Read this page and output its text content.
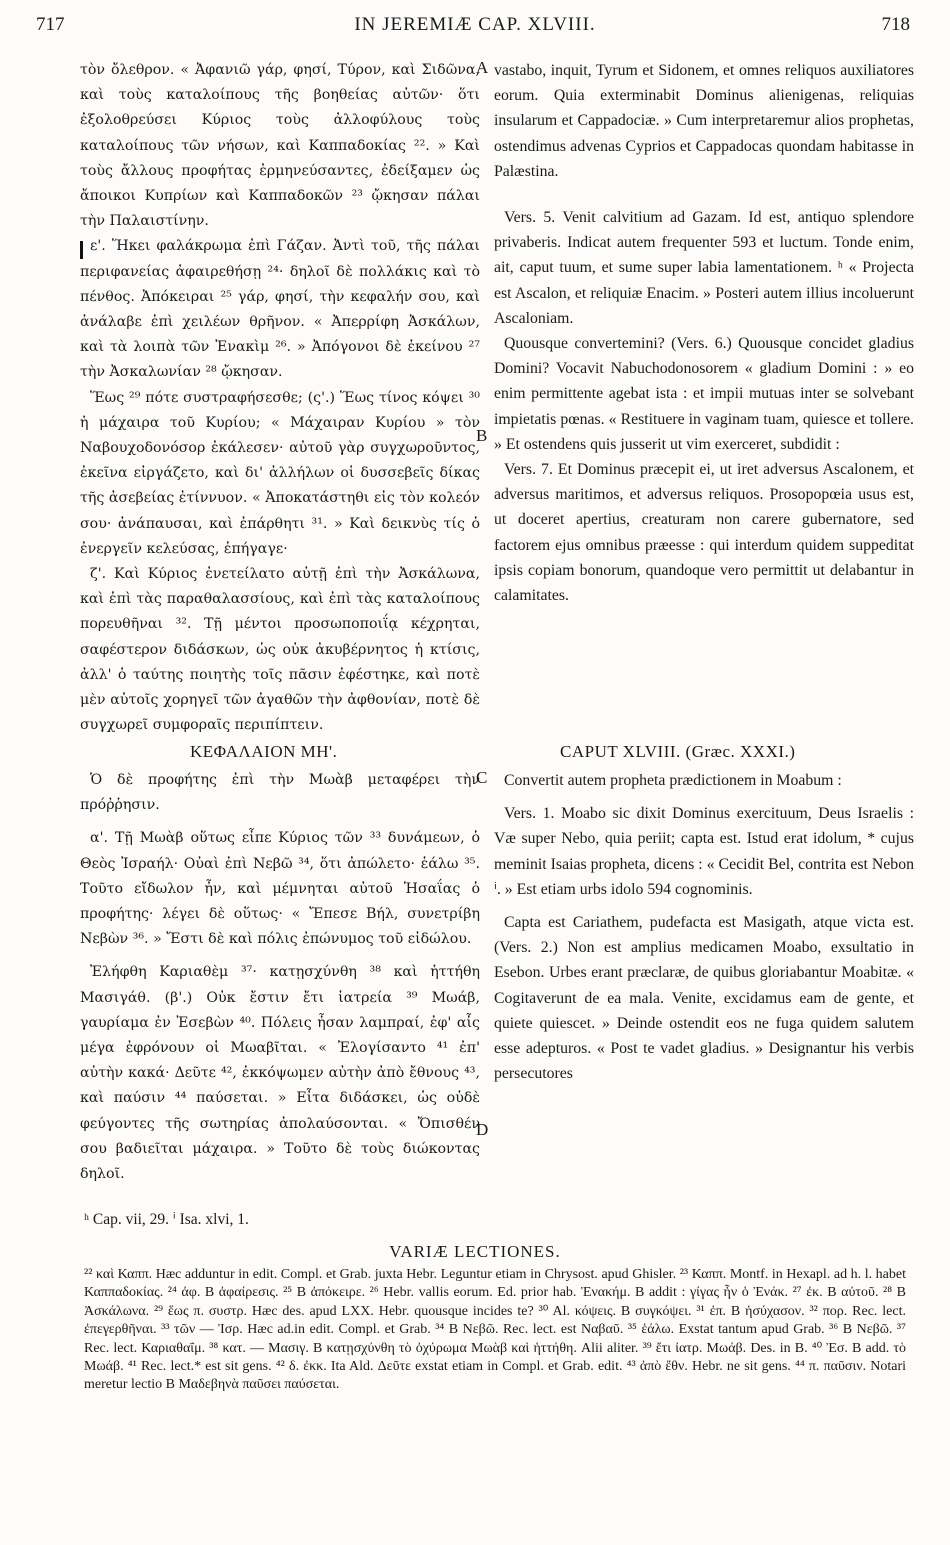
717	IN JEREMIÆ CAP. XLVIII.	718

τὸν ὄλεθρον. « Ἀφανιῶ γάρ, φησί, Τύρον, καὶ Σιδῶνα, καὶ τοὺς καταλοίπους τῆς βοηθείας αὐτῶν· ὅτι ἐξολοθρεύσει Κύριος τοὺς ἀλλοφύλους τοὺς καταλοίπους τῶν νήσων, καὶ Καππαδοκίας ²². » Καὶ τοὺς ἄλλους προφήτας ἑρμηνεύσαντες, ἐδείξαμεν ὡς ἄποικοι Κυπρίων καὶ Καππαδοκῶν ²³ ᾤκησαν πάλαι τὴν Παλαιστίνην.

ε'. Ἥκει φαλάκρωμα ἐπὶ Γάζαν. Ἀντὶ τοῦ, τῆς πάλαι περιφανείας ἀφαιρεθήσῃ ²⁴· δηλοῖ δὲ πολλάκις καὶ τὸ πένθος. Ἀπόκειραι ²⁵ γάρ, φησί, τὴν κεφαλήν σου, καὶ ἀνάλαβε ἐπὶ χειλέων θρῆνον. « Ἀπερρίφη Ἀσκάλων, καὶ τὰ λοιπὰ τῶν Ἐνακὶμ ²⁶. » Ἀπόγονοι δὲ ἐκείνου ²⁷ τὴν Ἀσκαλωνίαν ²⁸ ᾤκησαν.

Ἕως ²⁹ πότε συστραφήσεσθε; (ς'.) Ἕως τίνος κόψει ³⁰ ἡ μάχαιρα τοῦ Κυρίου; « Μάχαιραν Κυρίου » τὸν Ναβουχοδονόσορ ἐκάλεσεν· αὐτοῦ γὰρ συγχωροῦντος, ἐκεῖνα εἰργάζετο, καὶ δι' ἀλλήλων οἱ δυσσεβεῖς δίκας τῆς ἀσεβείας ἐτίννυον. « Ἀποκατάστηθι εἰς τὸν κολεόν σου· ἀνάπαυσαι, καὶ ἐπάρθητι ³¹. » Καὶ δεικνὺς τίς ὁ ἐνεργεῖν κελεύσας, ἐπήγαγε·

ζ'. Καὶ Κύριος ἐνετείλατο αὐτῇ ἐπὶ τὴν Ἀσκάλωνα, καὶ ἐπὶ τὰς παραθαλασσίους, καὶ ἐπὶ τὰς καταλοίπους πορευθῆναι ³². Τῇ μέντοι προσωποποιΐᾳ κέχρηται, σαφέστερον διδάσκων, ὡς οὐκ ἀκυβέρνητος ἡ κτίσις, ἀλλ' ὁ ταύτης ποιητὴς τοῖς πᾶσιν ἐφέστηκε, καὶ ποτὲ μὲν αὐτοῖς χορηγεῖ τῶν ἀγαθῶν τὴν ἀφθονίαν, ποτὲ δὲ συγχωρεῖ συμφοραῖς περιπίπτειν.

vastabo, inquit, Tyrum et Sidonem, et omnes reliquos auxiliatores eorum. Quia exterminabit Dominus alienigenas, reliquias insularum et Cappadociæ. » Cum interpretaremur alios prophetas, ostendimus advenas Cyprios et Cappadocas quondam habitasse in Palæstina.

Vers. 5. Venit calvitium ad Gazam. Id est, antiquo splendore privaberis. Indicat autem frequenter 593 et luctum. Tonde enim, ait, caput tuum, et sume super labia lamentationem. ʰ « Projecta est Ascalon, et reliquiæ Enacim. » Posteri autem illius incoluerunt Ascaloniam.

Quousque convertemini? (Vers. 6.) Quousque concidet gladius Domini? Vocavit Nabuchodonosorem « gladium Domini : » eo enim permittente agebat ista : et impii mutuas inter se solvebant impietatis pœnas. « Restituere in vaginam tuam, quiesce et tollere. » Et ostendens quis jusserit ut vim exerceret, subdidit :

Vers. 7. Et Dominus præcepit ei, ut iret adversus Ascalonem, et adversus maritimos, et adversus reliquos. Prosopopœia usus est, ut doceret apertius, creaturam non carere gubernatore, sed factorem ejus omnibus præesse : qui interdum quidem suppeditat ipsis copiam bonorum, quandoque vero permittit ut delabantur in calamitates.

A
B
C
D
ΚΕΦΑΛΑΙΟΝ ΜΗ'.	CAPUT XLVIII. (Græc. XXXI.)

Ὁ δὲ προφήτης ἐπὶ τὴν Μωὰβ μεταφέρει τὴν πρόῤῥησιν.

α'. Τῇ Μωὰβ οὕτως εἶπε Κύριος τῶν ³³ δυνάμεων, ὁ Θεὸς Ἰσραήλ· Οὐαὶ ἐπὶ Νεβῶ ³⁴, ὅτι ἀπώλετο· ἑάλω ³⁵. Τοῦτο εἴδωλον ἦν, καὶ μέμνηται αὐτοῦ Ἡσαΐας ὁ προφήτης· λέγει δὲ οὕτως· « Ἔπεσε Βήλ, συνετρίβη Νεβὼν ³⁶. » Ἔστι δὲ καὶ πόλις ἐπώνυμος τοῦ εἰδώλου.

Ἐλήφθη Καριαθὲμ ³⁷· κατῃσχύνθη ³⁸ καὶ ἡττήθη Μασιγάθ. (β'.) Οὐκ ἔστιν ἔτι ἰατρεία ³⁹ Μωάβ, γαυρίαμα ἐν Ἐσεβὼν ⁴⁰. Πόλεις ἦσαν λαμπραί, ἐφ' αἷς μέγα ἐφρόνουν οἱ Μωαβῖται. « Ἐλογίσαντο ⁴¹ ἐπ' αὐτὴν κακά· Δεῦτε ⁴², ἐκκόψωμεν αὐτὴν ἀπὸ ἔθνους ⁴³, καὶ παύσιν ⁴⁴ παύσεται. » Εἶτα διδάσκει, ὡς οὐδὲ φεύγοντες τῆς σωτηρίας ἀπολαύσονται. « Ὄπισθέν σου βαδιεῖται μάχαιρα. » Τοῦτο δὲ τοὺς διώκοντας δηλοῖ.

Convertit autem propheta prædictionem in Moabum :

Vers. 1. Moabo sic dixit Dominus exercituum, Deus Israelis : Væ super Nebo, quia periit; capta est. Istud erat idolum, * cujus meminit Isaias propheta, dicens : « Cecidit Bel, contrita est Nebon ⁱ. » Est etiam urbs idolo 594 cognominis.

Capta est Cariathem, pudefacta est Masigath, atque victa est. (Vers. 2.) Non est amplius medicamen Moabo, exsultatio in Esebon. Urbes erant præclaræ, de quibus gloriabantur Moabitæ. « Cogitaverunt de ea mala. Venite, excidamus eam de gente, et quiete quiescet. » Deinde ostendit eos ne fuga quidem salutem esse adepturos. « Post te vadet gladius. » Designantur his verbis persecutores

ʰ Cap. vii, 29. ⁱ Isa. xlvi, 1.
VARIÆ LECTIONES.
²² καὶ Καππ. Hæc adduntur in edit. Compl. et Grab. juxta Hebr. Leguntur etiam in Chrysost. apud Ghisler. ²³ Καππ. Montf. in Hexapl. ad h. l. habet Καππαδοκίας. ²⁴ ἀφ. B ἀφαίρεσις. ²⁵ B ἀπόκειρε. ²⁶ Hebr. vallis eorum. Ed. prior hab. Ἐνακήμ. B addit : γίγας ἦν ὁ Ἐνάκ. ²⁷ ἐκ. B αὐτοῦ. ²⁸ B Ἀσκάλωνα. ²⁹ ἕως π. συστρ. Hæc des. apud LXX. Hebr. quousque incides te? ³⁰ Al. κόψεις. B συγκόψει. ³¹ ἐπ. B ἡσύχασον. ³² πορ. Rec. lect. ἐπεγερθῆναι. ³³ τῶν — Ἰσρ. Hæc ad.in edit. Compl. et Grab. ³⁴ B Νεβῶ. Rec. lect. est Ναβαῦ. ³⁵ ἑάλω. Exstat tantum apud Grab. ³⁶ B Νεβῶ. ³⁷ Rec. lect. Καριαθαΐμ. ³⁸ κατ. — Μασιγ. B κατῃσχύνθη τὸ ὀχύρωμα Μωὰβ καὶ ἡττήθη. Alii aliter. ³⁹ ἔτι ἰατρ. Μωάβ. Des. in B. ⁴⁰ Ἐσ. B add. τὸ Μωάβ. ⁴¹ Rec. lect.* est sit gens. ⁴² δ. ἐκκ. Ita Ald. Δεῦτε exstat etiam in Compl. et Grab. edit. ⁴³ ἀπὸ ἔθν. Hebr. ne sit gens. ⁴⁴ π. παῦσιν. Notari meretur lectio B Μαδεβηνὰ παῦσει παύσεται.
